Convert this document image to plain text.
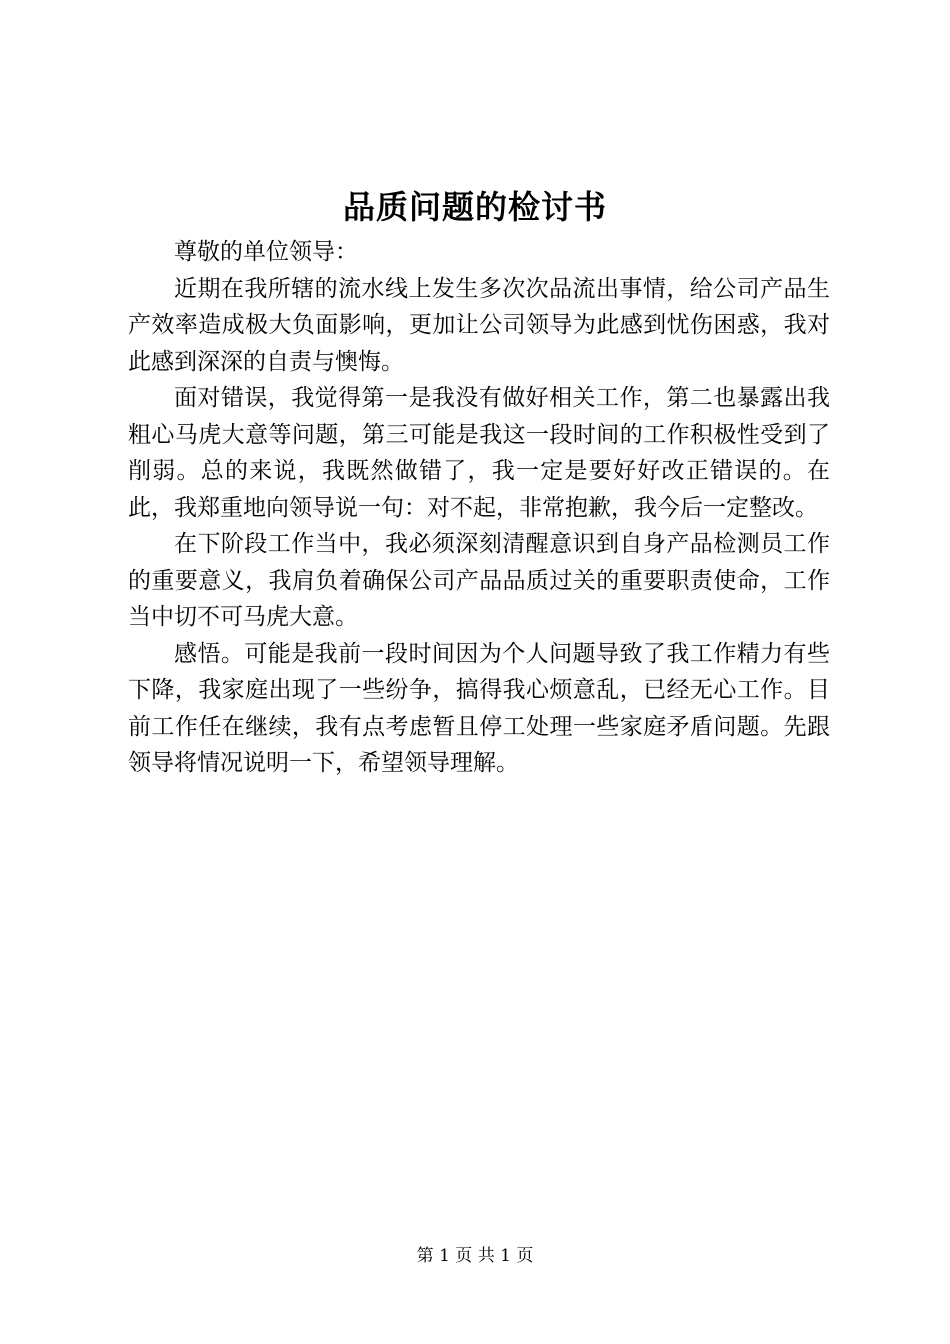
品质问题的检讨书

尊敬的单位领导：

近期在我所辖的流水线上发生多次次品流出事情，给公司产品生产效率造成极大负面影响，更加让公司领导为此感到忧伤困惑，我对此感到深深的自责与懊悔。

面对错误，我觉得第一是我没有做好相关工作，第二也暴露出我粗心马虎大意等问题，第三可能是我这一段时间的工作积极性受到了削弱。总的来说，我既然做错了，我一定是要好好改正错误的。在此，我郑重地向领导说一句：对不起，非常抱歉，我今后一定整改。

在下阶段工作当中，我必须深刻清醒意识到自身产品检测员工作的重要意义，我肩负着确保公司产品品质过关的重要职责使命，工作当中切不可马虎大意。

感悟。可能是我前一段时间因为个人问题导致了我工作精力有些下降，我家庭出现了一些纷争，搞得我心烦意乱，已经无心工作。目前工作任在继续，我有点考虑暂且停工处理一些家庭矛盾问题。先跟领导将情况说明一下，希望领导理解。

第 1 页 共 1 页
